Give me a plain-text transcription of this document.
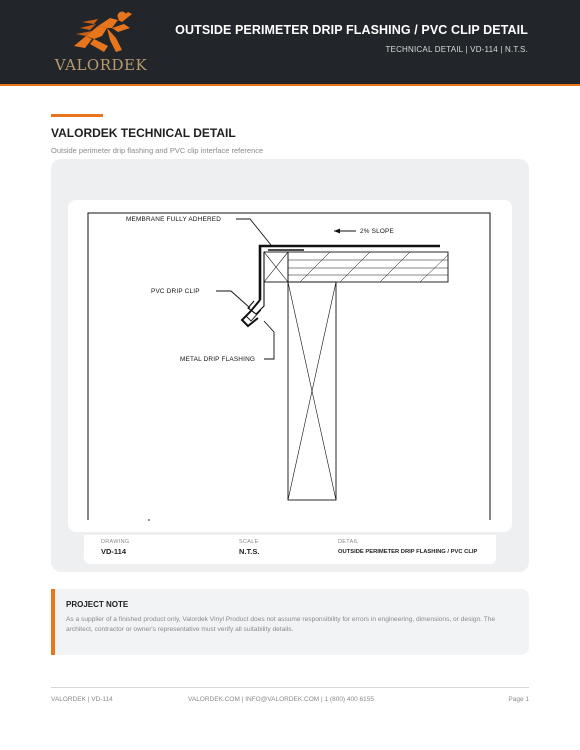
VALORDEK
OUTSIDE PERIMETER DRIP FLASHING / PVC CLIP DETAIL
TECHNICAL DETAIL | VD-114 | N.T.S.
VALORDEK TECHNICAL DETAIL
Outside perimeter drip flashing and PVC clip interface reference
MEMBRANE FULLY ADHERED
2% SLOPE
PVC DRIP CLIP
METAL DRIP FLASHING
DRAWING
VD-114
SCALE
N.T.S.
DETAIL
OUTSIDE PERIMETER DRIP FLASHING / PVC CLIP
PROJECT NOTE
As a supplier of a finished product only, Valordek Vinyl Product does not assume responsibility for errors in engineering, dimensions, or design. The architect, contractor or owner's representative must verify all suitability details.
VALORDEK | VD-114	VALORDEK.COM | INFO@VALORDEK.COM | 1 (800) 400 6155	Page 1
